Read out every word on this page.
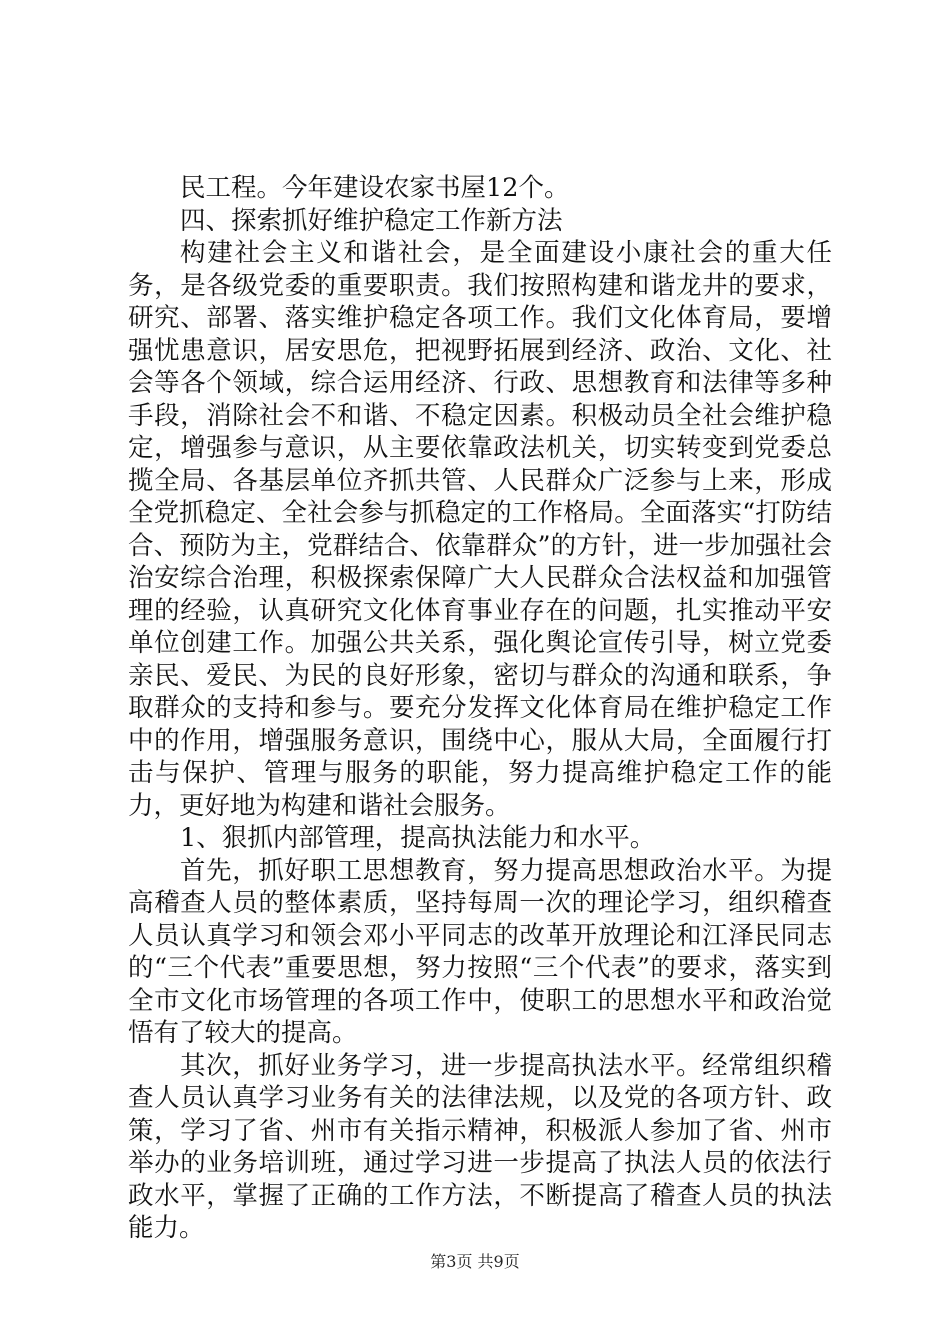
民工程。今年建设农家书屋12个。

四、探索抓好维护稳定工作新方法

构建社会主义和谐社会，是全面建设小康社会的重大任务，是各级党委的重要职责。我们按照构建和谐龙井的要求，研究、部署、落实维护稳定各项工作。我们文化体育局，要增强忧患意识，居安思危，把视野拓展到经济、政治、文化、社会等各个领域，综合运用经济、行政、思想教育和法律等多种手段，消除社会不和谐、不稳定因素。积极动员全社会维护稳定，增强参与意识，从主要依靠政法机关，切实转变到党委总揽全局、各基层单位齐抓共管、人民群众广泛参与上来，形成全党抓稳定、全社会参与抓稳定的工作格局。全面落实“打防结合、预防为主，党群结合、依靠群众”的方针，进一步加强社会治安综合治理，积极探索保障广大人民群众合法权益和加强管理的经验，认真研究文化体育事业存在的问题，扎实推动平安单位创建工作。加强公共关系，强化舆论宣传引导，树立党委亲民、爱民、为民的良好形象，密切与群众的沟通和联系，争取群众的支持和参与。要充分发挥文化体育局在维护稳定工作中的作用，增强服务意识，围绕中心，服从大局，全面履行打击与保护、管理与服务的职能，努力提高维护稳定工作的能力，更好地为构建和谐社会服务。

1、狠抓内部管理，提高执法能力和水平。

首先，抓好职工思想教育，努力提高思想政治水平。为提高稽查人员的整体素质，坚持每周一次的理论学习，组织稽查人员认真学习和领会邓小平同志的改革开放理论和江泽民同志的“三个代表”重要思想，努力按照“三个代表”的要求，落实到全市文化市场管理的各项工作中，使职工的思想水平和政治觉悟有了较大的提高。

其次，抓好业务学习，进一步提高执法水平。经常组织稽查人员认真学习业务有关的法律法规，以及党的各项方针、政策，学习了省、州市有关指示精神，积极派人参加了省、州市举办的业务培训班，通过学习进一步提高了执法人员的依法行政水平，掌握了正确的工作方法，不断提高了稽查人员的执法能力。

第3页 共9页
